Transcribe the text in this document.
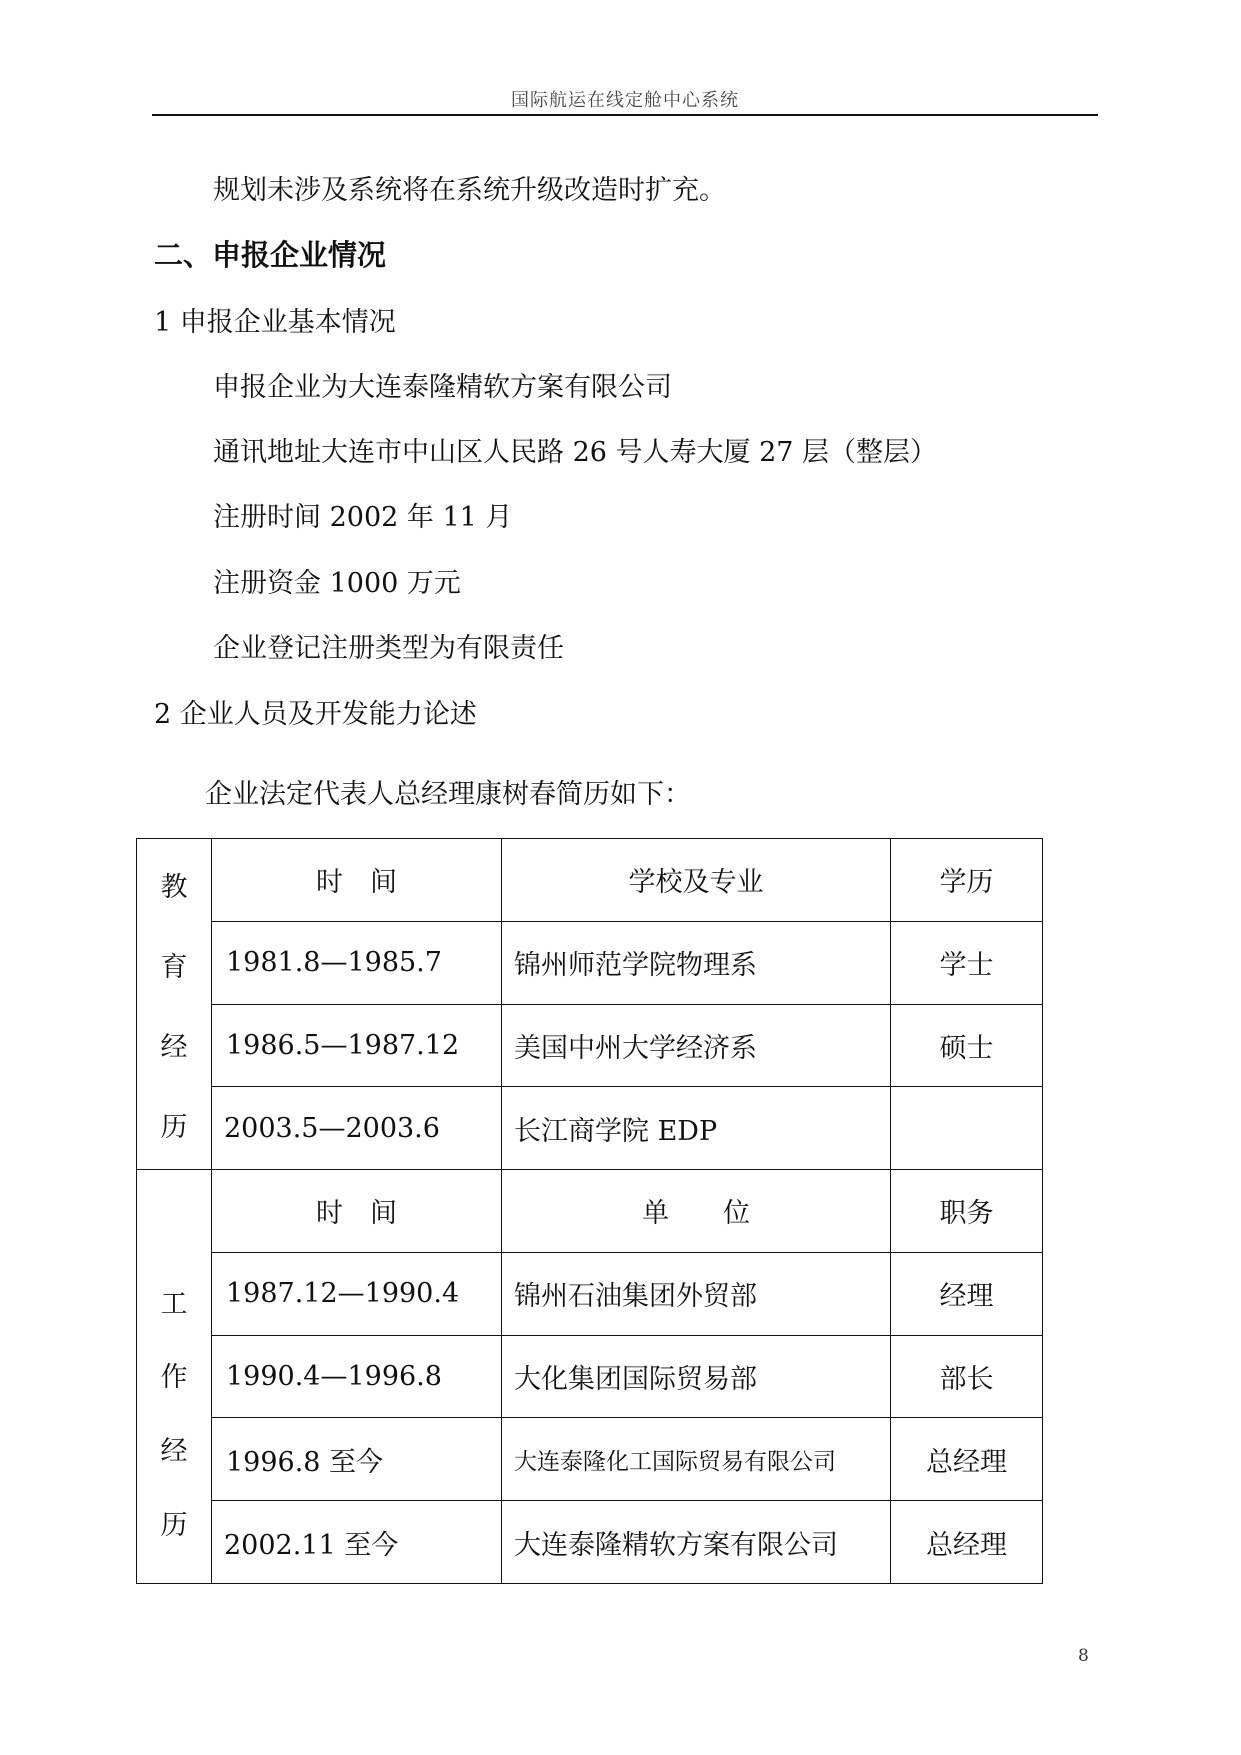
国际航运在线定舱中心系统
规划未涉及系统将在系统升级改造时扩充。
二、申报企业情况
1 申报企业基本情况
申报企业为大连泰隆精软方案有限公司
通讯地址大连市中山区人民路 26 号人寿大厦 27 层（整层）
注册时间 2002 年 11 月
注册资金 1000 万元
企业登记注册类型为有限责任
2 企业人员及开发能力论述
企业法定代表人总经理康树春简历如下：
教
育
经
历	时　间	学校及专业	学历
	1981.8—1985.7	锦州师范学院物理系	学士
	1986.5—1987.12	美国中州大学经济系	硕士
	2003.5—2003.6	长江商学院 EDP	

工
作
经
历	时　间	单　　位	职务
	1987.12—1990.4	锦州石油集团外贸部	经理
	1990.4—1996.8	大化集团国际贸易部	部长
	1996.8 至今	大连泰隆化工国际贸易有限公司	总经理
	2002.11 至今	大连泰隆精软方案有限公司	总经理
8
